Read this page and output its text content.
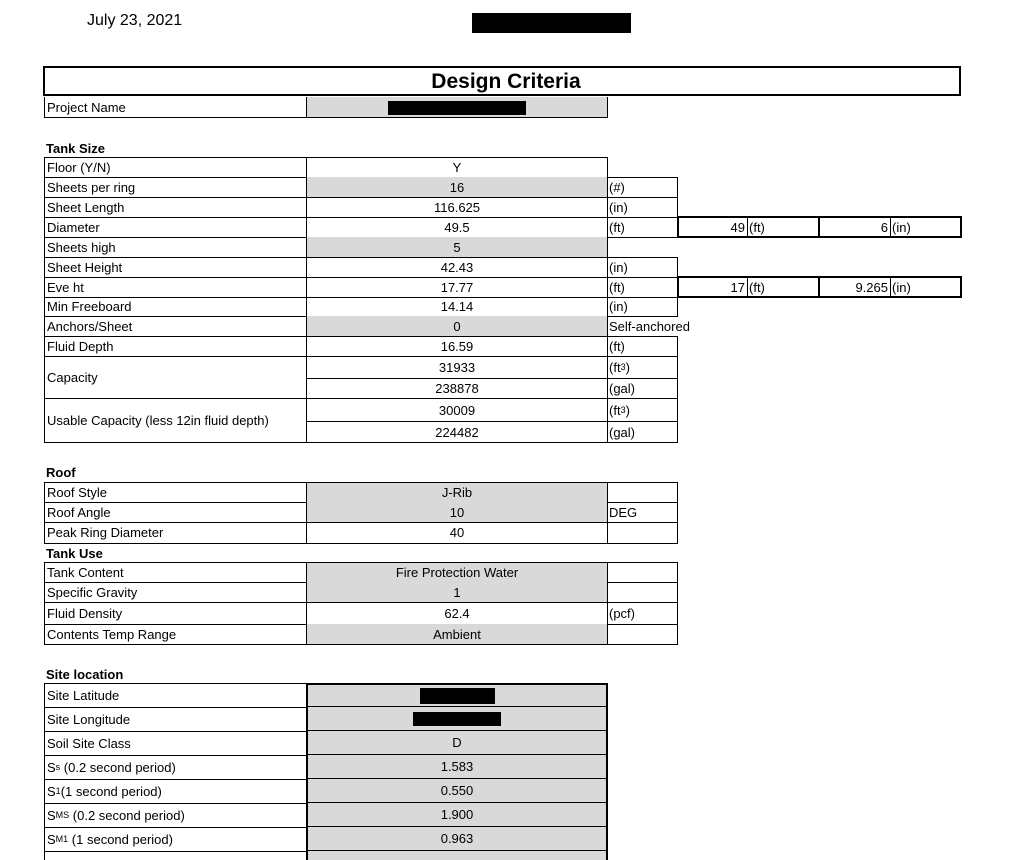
July 23, 2021
Design Criteria
Project Name
Tank Size
Floor (Y/N)	Y
Sheets per ring	16	(#)
Sheet Length	116.625	(in)
Diameter	49.5	(ft)	49 (ft)	6 (in)
Sheets high	5
Sheet Height	42.43	(in)
Eve ht	17.77	(ft)	17 (ft)	9.265 (in)
Min Freeboard	14.14	(in)
Anchors/Sheet	0	Self-anchored
Fluid Depth	16.59	(ft)
Capacity
31933	(ft 3 )
238878	(gal)
Usable Capacity (less 12in fluid depth)
30009	(ft 3 )
224482	(gal)
Roof
Roof Style	J-Rib
Roof Angle	10	DEG
Peak Ring Diameter	40
Tank Use
Tank Content	Fire Protection Water
Specific Gravity	1
Fluid Density	62.4	(pcf)
Contents Temp Range	Ambient
Site location
Site Latitude
Site Longitude
Soil Site Class	D
S s (0.2 second period)	1.583
S 1 (1 second period)	0.550
S MS (0.2 second period)	1.900
S M1 (1 second period)	0.963
